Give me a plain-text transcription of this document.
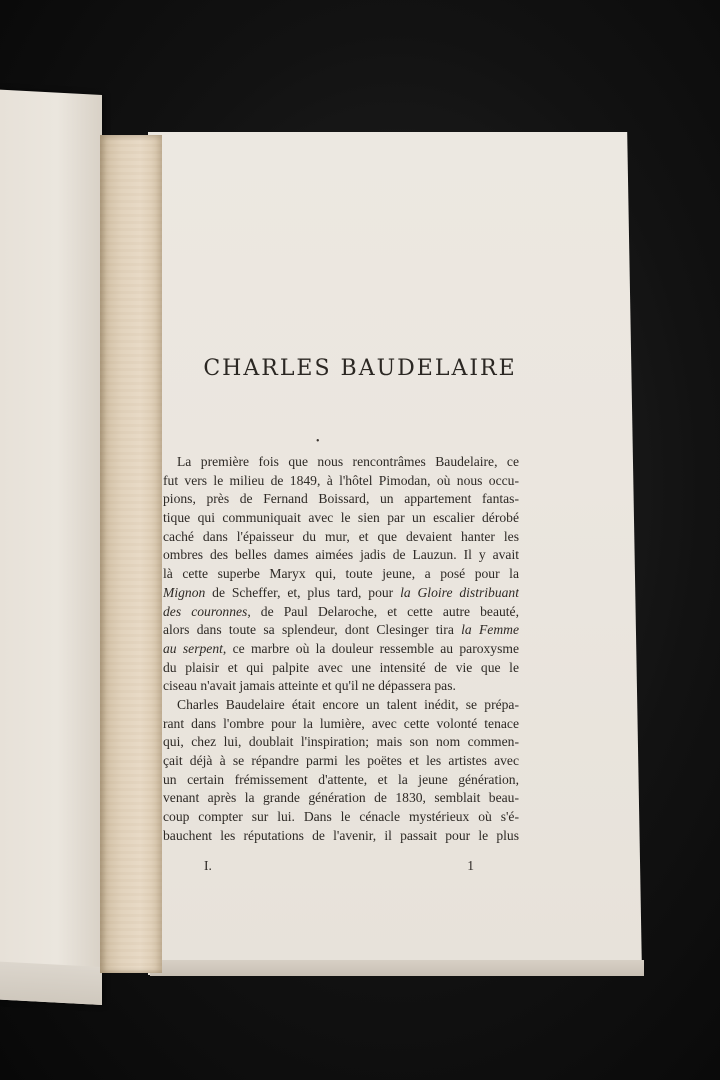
CHARLES BAUDELAIRE
•
La première fois que nous rencontrâmes Baudelaire, ce
fut vers le milieu de 1849, à l'hôtel Pimodan, où nous occu-
pions, près de Fernand Boissard, un appartement fantas-
tique qui communiquait avec le sien par un escalier dérobé
caché dans l'épaisseur du mur, et que devaient hanter les
ombres des belles dames aimées jadis de Lauzun. Il y avait
là cette superbe Maryx qui, toute jeune, a posé pour la
Mignon de Scheffer, et, plus tard, pour la Gloire distribuant
des couronnes, de Paul Delaroche, et cette autre beauté,
alors dans toute sa splendeur, dont Clesinger tira la Femme
au serpent, ce marbre où la douleur ressemble au paroxysme
du plaisir et qui palpite avec une intensité de vie que le
ciseau n'avait jamais atteinte et qu'il ne dépassera pas.
Charles Baudelaire était encore un talent inédit, se prépa-
rant dans l'ombre pour la lumière, avec cette volonté tenace
qui, chez lui, doublait l'inspiration; mais son nom commen-
çait déjà à se répandre parmi les poëtes et les artistes avec
un certain frémissement d'attente, et la jeune génération,
venant après la grande génération de 1830, semblait beau-
coup compter sur lui. Dans le cénacle mystérieux où s'é-
bauchent les réputations de l'avenir, il passait pour le plus
I.	1
